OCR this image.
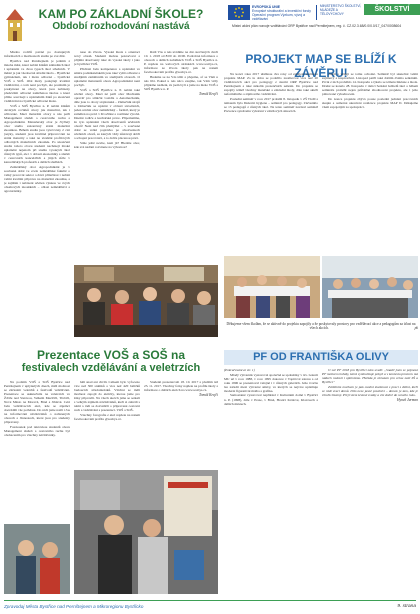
EVROPSKÁ UNIE
Evropské strukturální a investiční fondy
Operační program Výzkum, vývoj a vzdělávání
MINISTERSTVO ŠKOLSTVÍ, MLÁDEŽE A TĚLOVÝCHOVY
ŠKOLSTVÍ
Místní akční plán rozvoje vzdělávání ORP Bystřice nad Pernštejnem, reg. č. CZ.02.3.68/0.0/0.0/17_047/0008604
KAM PO ZÁKLADNÍ ŠKOLE?
Období rozhodování nastává

Mnoho rodičů patrně po dostupných informacích o možnostech studia po své dítě.

Bystřice nad Pernštejnem je jedním z mnoha měst, které nabízí žákům základních škol i uplatnění ve dvou typech škol středních. V městě je jak všeobecná střední škola – Bystřické gymnázium, tak i škola odborná – bystřická VOŠ a SOŠ. Obě školy poskytují kvalitní vzdělávání, o tom není pochyb, ale posláním je poskytnout na obory, které jsou nabízeny především odborně zaměřenou školou a které přímo souvisejí s uplatněním žáků po skončení vzdělávání na bystřické odborné škole.

VOŠ a SOŠ Bystřice n. P. nabízí žákům devátých ročníků obory jak maturitní, tak i učňovské. Mezi maturitní obory u nás patří Management služeb a cestovního ruchu a Agropodnikání. Manažerský obor je čtyřletý obor studia zakončený státní maturitní zkouškou. Během studia jsou vyučovány 2 cizí jazyky, studenti jsou kvalitně připravováni na státní maturity a také na uvádění profilových odborných maturitních zkoušek. Po ukončení studia tohoto oboru studenti nacházejí široké uplatnění nejenom při studiu vysokých škol různých typů, ale i v oblasti ekonomiky a služeb v cestovních kancelářích a jiných sféře v kancelářských profesích a dalších službách.

Zemědělský obor Agropodnikání je v současné době ve zcela zemědělské fakultě o velký pracovní sektor a dává příležitost i nabízí velmi kvalitní přípravu na maturitní zkoušku, a je zajištěn i nabízení učeben výukou ve svých obsahových zkouškách – oblast zemědělství a agroturistiky.

nese do života. Vysoká škola s orientací nový obsah. Studenti mohou pokračovat a přijímá absolventy také do vysoké školy i jako je bystřická VOŠ.

Přichází řada kompetence a uplatnění ve směru podnikatelském jsou také vyšší odborné a studijním zaměřením ve studijních oborech. O uplatnění maturantů oboru Agropodnikání není pochyb.

VOŠ a SOŠ Bystřice n. P. nabízí také učební obory. Mezi ně patří obor Mechanik opravář pro silniční vozidla a Automechanik, dále jsou to obory stojírenské – Zámečník strojů a Zámečník se uplatní v oblasti stavebních, jeden učební obor zemědělský – farmář, který je zaměřen na práci v živočišné a rostlinné výrobě. Dnešní rodiče a kuchařské práce. Připomeňme, že tyto uplatnění všech absolventů učebních oborů! Není nad čím přemýšlet – v současné době se velká poptávka po absolventech učebních oborů, ze kterých vždy zůstávají dobří a schopní pracovníci, a to dobře placenou práci.

Stále ještě nevíte, kam jít? Hledáte obor, kde své nadání rozvinete na výbornou?

Rádi Vás u nás uvidíme na dni otevřených dveří 10. 1. 2018 od 8:00 do 16:00. Podrobné informace o oborech a dalších nabídkách VOŠ a SOŠ Bystřice n. P. najdete na webových stránkách www.sosbys.cz, informace ze života školy pak na našem facebookovém profilu @sosbys.cz.

Budeme se na Vás těšit a přejeme, ať se Vám u nás líbí. Pokud u nás něco zaujme, tak Vám vždy přijdeme nadšení, že jsem byli a jsme na škole VOŠ a SOŠ Bystřice n. P.

Tomáš Krejčí
Prezentace VOŠ a SOŠ na
festivalech vzdělávání a veletrzích

Na podzim VOŠ a SOŠ Bystřice nad Pernštejnem v uplynulých dnech, měli možnost se zúčastnit veletrhů a festivalů vzdělávání. Prezentace se uskutečnila na veletrzích ve Žďáře nad Sázavou, Velkém Meziříčí, Třebíči, Nové Město na Moravě, Brně a Jihlavě. Celá řada vzdělávacích akcí, kde se zájemci dozvěděli vše potřebné. Do nich jsme našli i čas na informování návštěvníků o nabízených oborech a činnostech, které jsou pro studenty připraveny.

Fotokoutek pod taktovkou studentů oboru Management služeb a cestovního ruchu byl obohacením pro všechny návštěvníky.

hálí snad ani chvíli. Celkem bylo vyfoceno více než 300 snímků a více než 420 balíčků budoucích středoškoláků. Všichni se měli možnost zapojit do aktivity, kterou jsme pro žáky připravili. Na všech akcích jsme se setkali s velkým zájmem návštěvníků, kteří si zahráli s námi a rádi se dozvěděli o připravené cestovní ruch a vzdělávání s prezentací. VOŠ a SOŠ.

Všechny fotografie z akcí najdete na našem facebookovém profilu @sosbys.cz.

Studenti prezentovali 18. 10. 2017 a předtím též 23. 11. 2017. Všechny fotky najdete na profilu školy a informace o dalších akcích na www.sosbys.cz.

Tomáš Krejčí
PROJEKT MAP SE BLÍŽÍ K ZÁVĚRU!

Na konci roku 2017 uběhnou dva roky od zahájení realizace projektu MAP. Za tu dobu se podařilo zrealizovat více než 20 vzdělávacích akcí pro pedagogy z území ORP Bystřice nad Pernštejnem a také několik prezenčních setkání. Do projektu se zapojily téměř všechny mateřské a základní školy, dále také aktéři neformálního a zájmového vzdělávání.

Poslední seminář v roce 2017 proběhl 8. listopadu v ZŠ TGM a tématem byla Duševní hygiena – seminář pro pedagogy. Zúčastnilo se 15 pedagogů z různých škol. Na tento seminář navázal seminář Prevence syndromu vyhoření v zátěžových situacích.

chtějí a věnují se tomu ochotně. Seminář byl skutečně velmi zajímavý a inspirativní. Listopad patřil také dalším dvěma setkáním. První z nich proběhlo 14. listopadu a týkalo se tématu Inkluze a škola. Druhé se konalo 28. listopadu v rámci Setkání ředitelů škol a během semináře proběhl nejen průběžné zhodnocení projektu, ale i jeho plánované vyhodnocení.

Do konce projektu zbývá pouze poslední jednání pracovních skupin a samotné ukončení realizace projektu MAP II. Děkujeme všem zapojeným za spolupráci.

Děkujeme všem školám, že se aktivně do projektu zapojily a že poskytovaly prostory pro vzdělávací akce a pedagogům za účast na všech akcích.	pk
PF OD FRANTIŠKA OLIVY

(Pokračování ze str. 1)

Mladý výtvarník vystavoval společně se spolužáky v tzv. Galerii MU už v roce 1988, v roce 1995 dokonce v Topičově salonu a od roku 1996 se prezentoval veřejně i v různých galeriích. Jeho tvorbu lze zařadit mezi výtvarné směry, ve kterých se nejvíce uplatňuje moderní figurativní malba a grafika.

Samostatně vystavoval například v Kulturním domě v Bystřici n. P. (1998), dále v Praze, v Brně, Hradci Králové, Klatovech a dalších městech.

O své PF 2018 pro Bystřici nám uvedl: „Snažil jsem se pojmout PF motivem hvězdy, která symbolizuje pohyb a v kontextu prostoru má nádech radosti i optimismu. Hvězda je obrazem pro celou naši ZŠ a Bystřici."

Zvláštním motivem je pak osobní zkušenost s prací s dětmi, kteří se rádi vrací domů. Dílo nese jasné poselství – domov je tam, kde je člověk šťastný. Přeji všem krásné svátky a vše dobré do nového roku.

Hynek Jurman
Zpravodaj Města Bystřice nad Pernštejnem a Mikroregionu Bystřicko	9. strana
